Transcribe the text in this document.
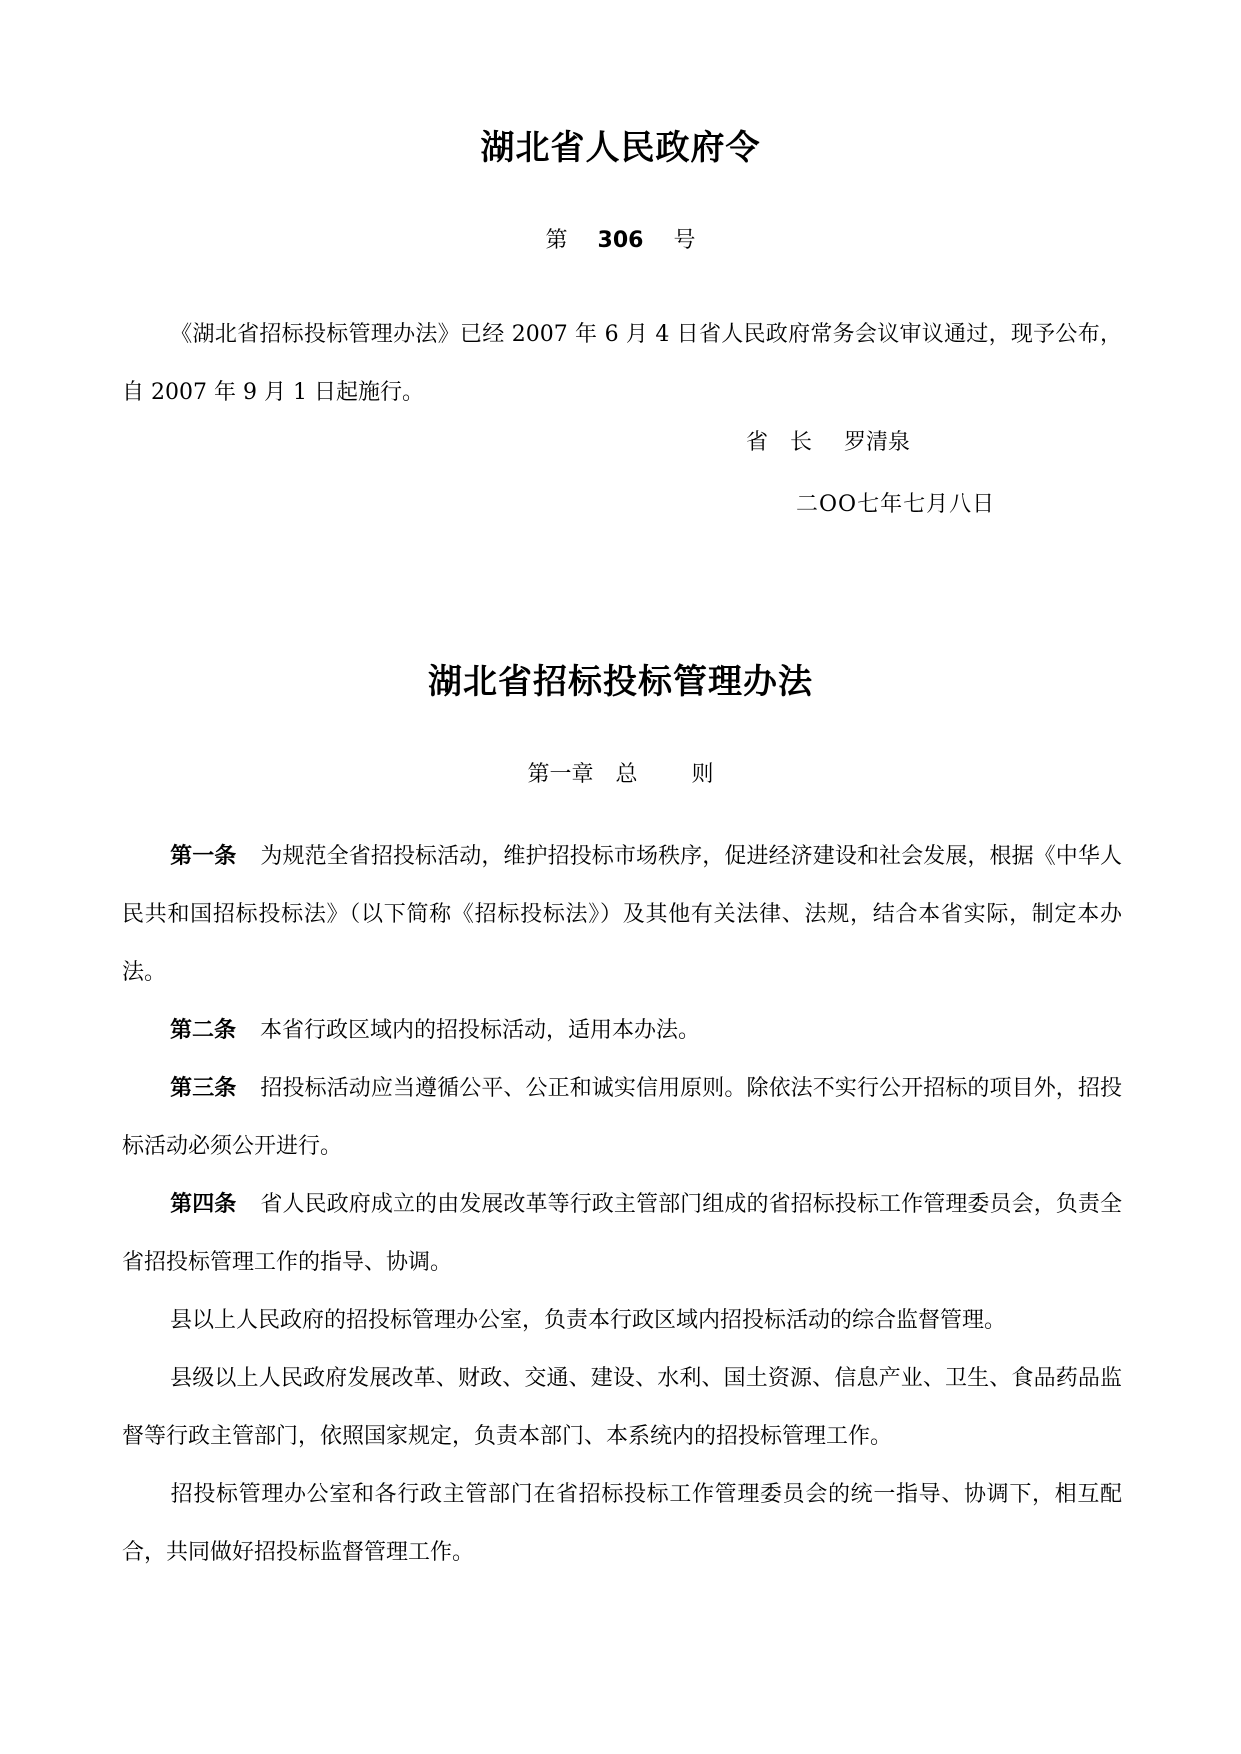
湖北省人民政府令
第 306 号
《湖北省招标投标管理办法》已经 2007 年 6 月 4 日省人民政府常务会议审议通过，现予公布，自 2007 年 9 月 1 日起施行。
省 长 罗清泉
二OO七年七月八日
湖北省招标投标管理办法
第一章 总 则
第一条 为规范全省招投标活动，维护招投标市场秩序，促进经济建设和社会发展，根据《中华人民共和国招标投标法》（以下简称《招标投标法》）及其他有关法律、法规，结合本省实际，制定本办法。
第二条 本省行政区域内的招投标活动，适用本办法。
第三条 招投标活动应当遵循公平、公正和诚实信用原则。除依法不实行公开招标的项目外，招投标活动必须公开进行。
第四条 省人民政府成立的由发展改革等行政主管部门组成的省招标投标工作管理委员会，负责全省招投标管理工作的指导、协调。
县以上人民政府的招投标管理办公室，负责本行政区域内招投标活动的综合监督管理。
县级以上人民政府发展改革、财政、交通、建设、水利、国土资源、信息产业、卫生、食品药品监督等行政主管部门，依照国家规定，负责本部门、本系统内的招投标管理工作。
招投标管理办公室和各行政主管部门在省招标投标工作管理委员会的统一指导、协调下，相互配合，共同做好招投标监督管理工作。
